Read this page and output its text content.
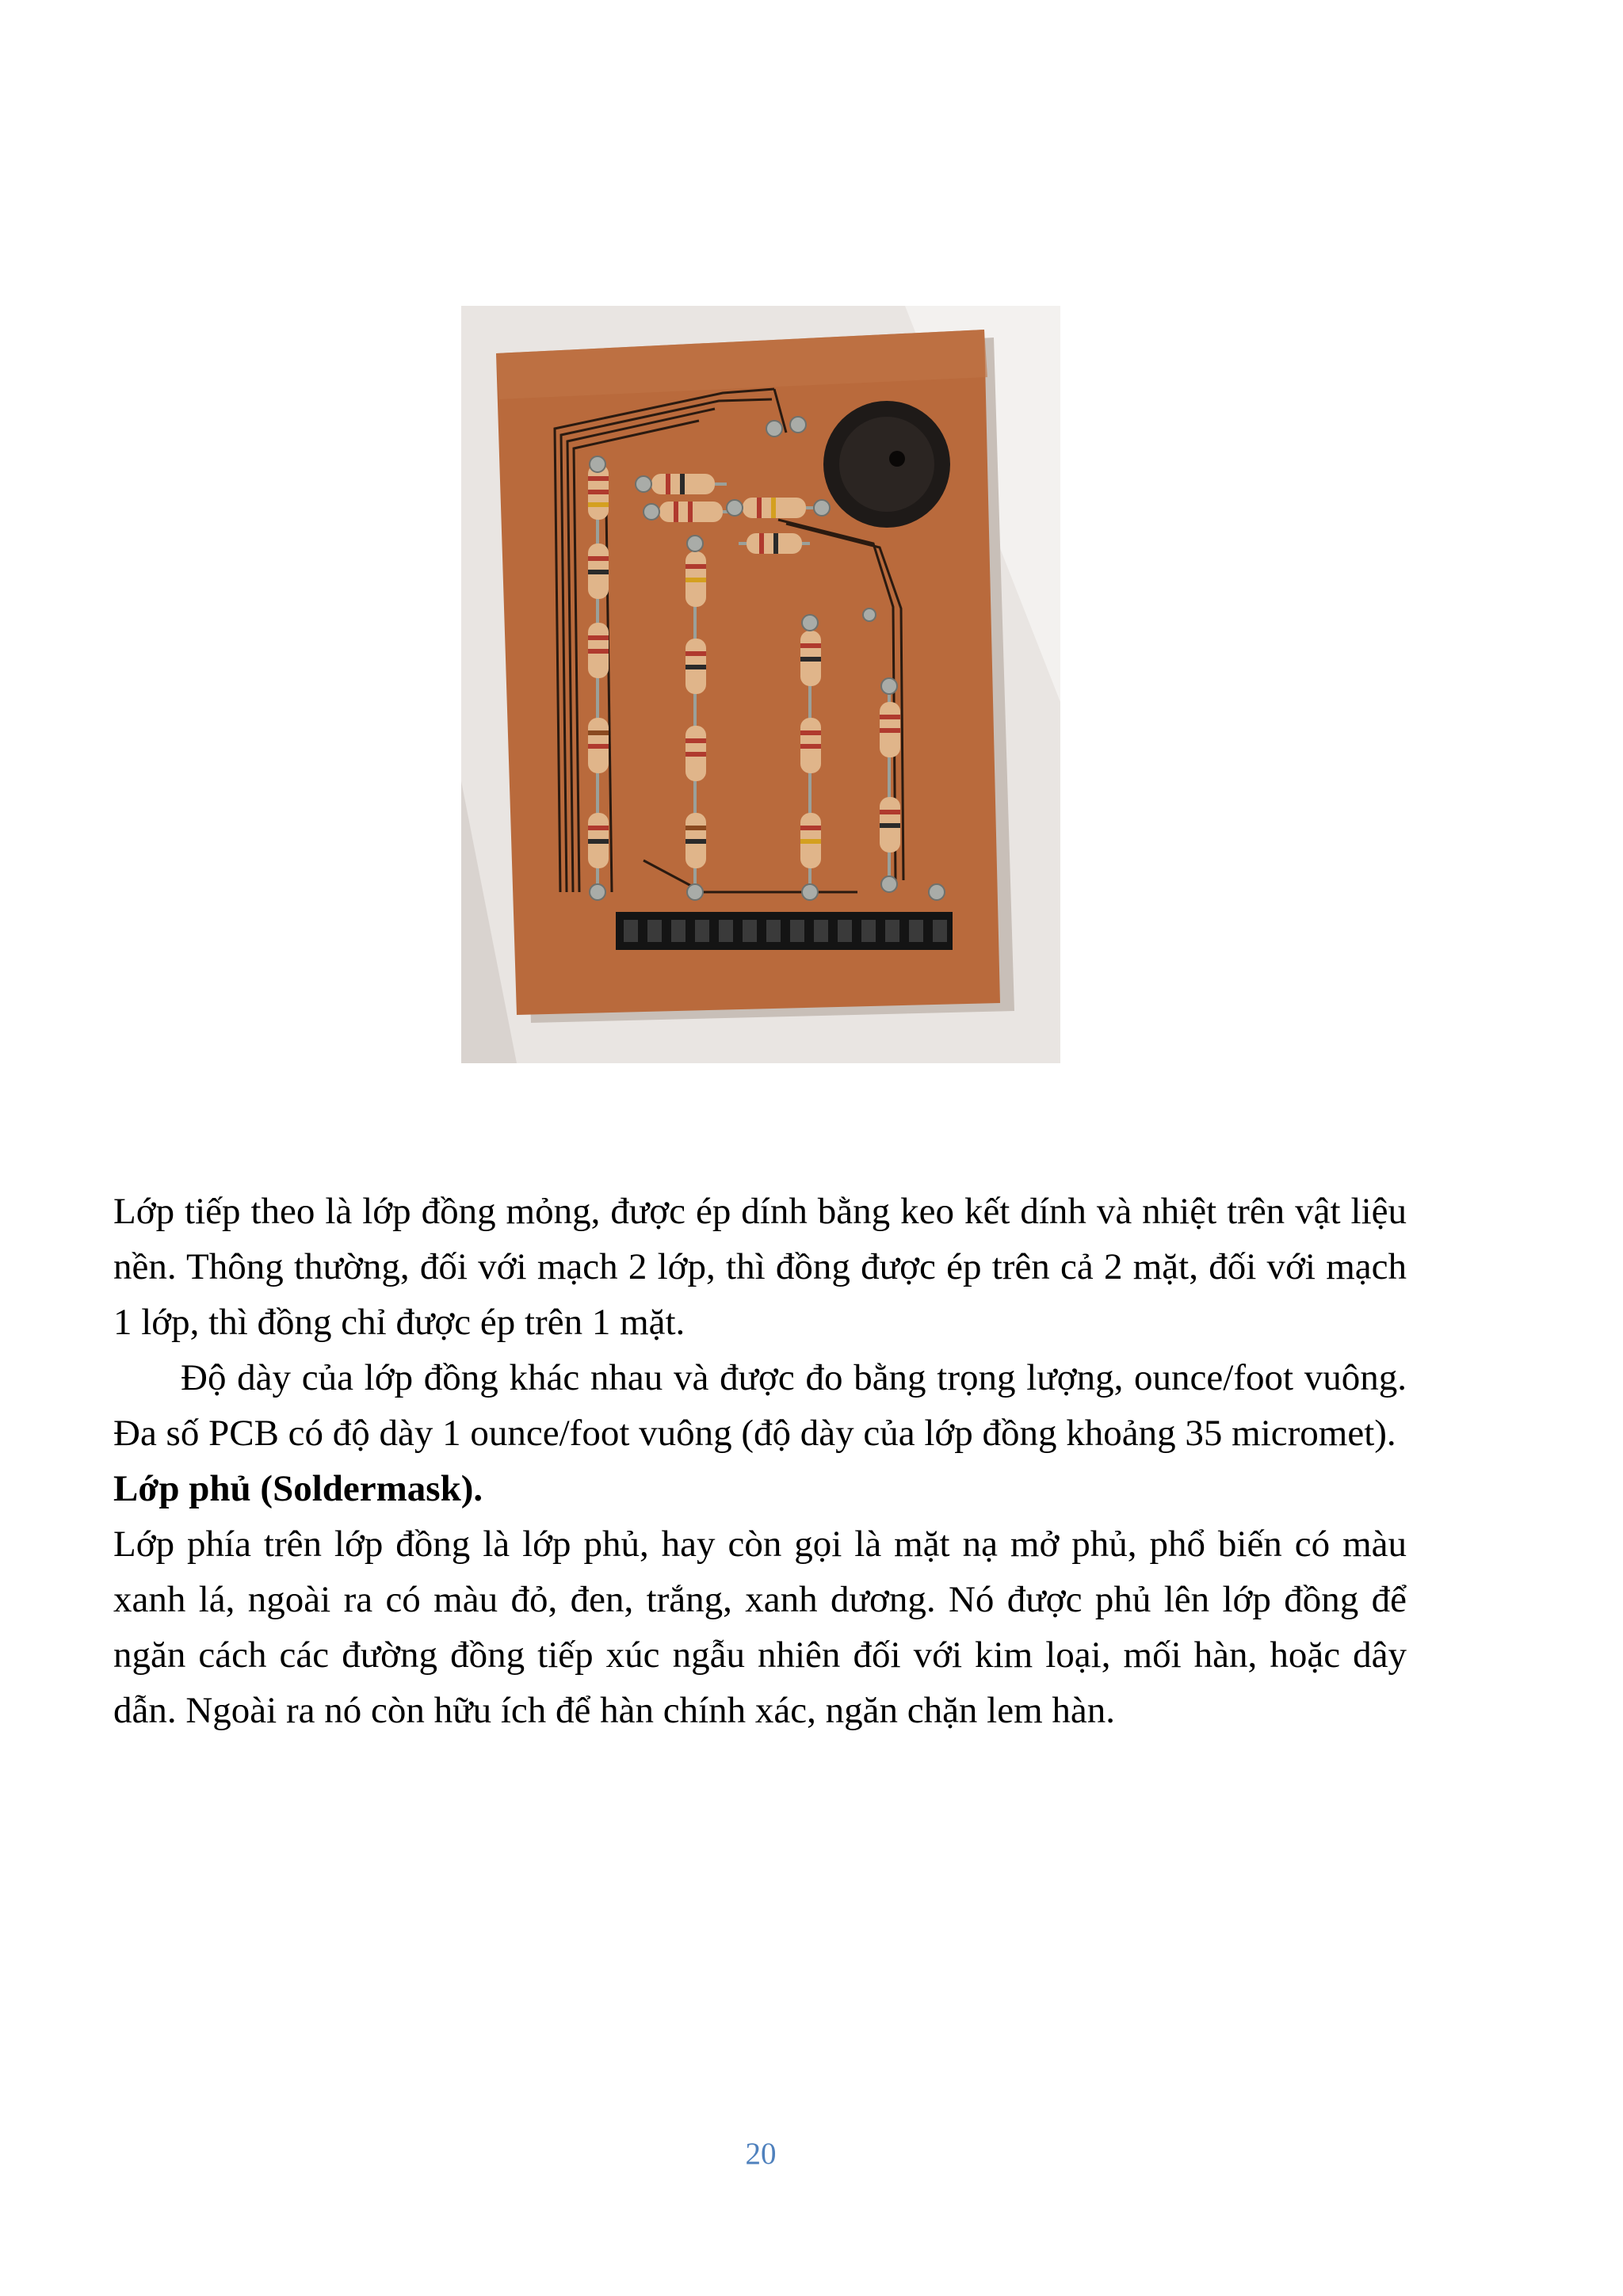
Lớp tiếp theo là lớp đồng mỏng, được ép dính bằng keo kết dính và nhiệt trên vật liệu nền. Thông thường, đối với mạch 2 lớp, thì đồng được ép trên cả 2 mặt, đối với mạch 1 lớp, thì đồng chỉ được ép trên 1 mặt.

Độ dày của lớp đồng khác nhau và được đo bằng trọng lượng, ounce/foot vuông. Đa số PCB có độ dày 1 ounce/foot vuông (độ dày của lớp đồng khoảng 35 micromet).

Lớp phủ (Soldermask).

Lớp phía trên lớp đồng là lớp phủ, hay còn gọi là mặt nạ mở phủ, phổ biến có màu xanh lá, ngoài ra có màu đỏ, đen, trắng, xanh dương. Nó được phủ lên lớp đồng để ngăn cách các đường đồng tiếp xúc ngẫu nhiên đối với kim loại, mối hàn, hoặc dây dẫn. Ngoài ra nó còn hữu ích để hàn chính xác, ngăn chặn lem hàn.

20
